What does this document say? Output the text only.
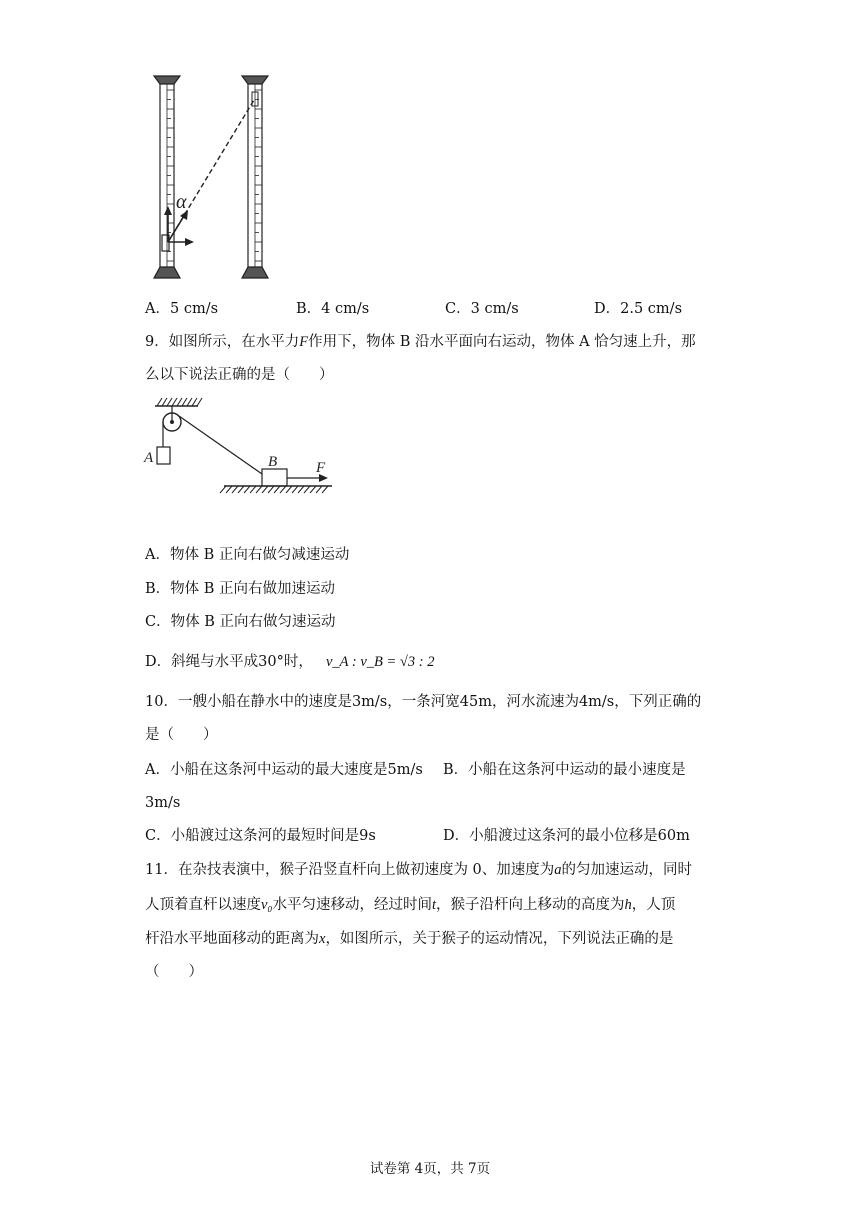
α
A．5 cm/s	B．4 cm/s	C．3 cm/s	D．2.5 cm/s
9．如图所示，在水平力F作用下，物体 B 沿水平面向右运动，物体 A 恰匀速上升，那
么以下说法正确的是（　　）
A	B	F
A．物体 B 正向右做匀减速运动
B．物体 B 正向右做加速运动
C．物体 B 正向右做匀速运动
D．斜绳与水平成30°时， v_A : v_B = √3 : 2
10．一艘小船在静水中的速度是3m/s，一条河宽45m，河水流速为4m/s，下列正确的
是（　　）
A．小船在这条河中运动的最大速度是5m/s B．小船在这条河中运动的最小速度是
3m/s
C．小船渡过这条河的最短时间是9s	D．小船渡过这条河的最小位移是60m
11．在杂技表演中，猴子沿竖直杆向上做初速度为 0、加速度为a的匀加速运动，同时
人顶着直杆以速度v₀水平匀速移动，经过时间t，猴子沿杆向上移动的高度为h，人顶
杆沿水平地面移动的距离为x，如图所示，关于猴子的运动情况，下列说法正确的是
（　　）
试卷第 4页，共 7页
